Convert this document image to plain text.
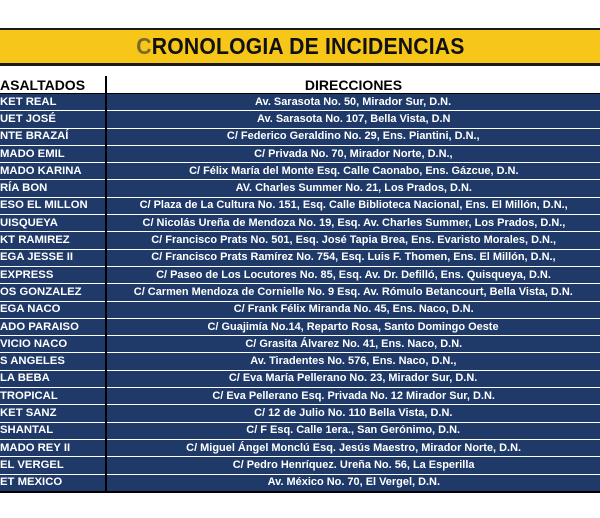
CRONOLOGIA DE INCIDENCIAS
ASALTADOS	DIRECCIONES
KET REAL	Av. Sarasota No. 50, Mirador Sur, D.N.
UET JOSÉ	Av. Sarasota No. 107, Bella Vista, D.N
NTE BRAZAÍ	C/ Federico Geraldino No. 29, Ens. Piantini, D.N.,
MADO EMIL	C/ Privada No. 70, Mirador Norte, D.N.,
MADO KARINA	C/ Félix María del Monte Esq. Calle Caonabo, Ens. Gázcue, D.N.
RÍA BON	AV. Charles Summer No. 21, Los Prados, D.N.
ESO EL MILLON	C/ Plaza de La Cultura No. 151, Esq. Calle Biblioteca Nacional, Ens. El Millón, D.N.,
UISQUEYA	C/ Nicolás Ureña de Mendoza No. 19, Esq. Av. Charles Summer, Los Prados, D.N.,
KT RAMIREZ	C/ Francisco Prats No. 501, Esq. José Tapia Brea, Ens. Evaristo Morales, D.N.,
EGA JESSE II	C/ Francisco Prats Ramírez No. 754, Esq. Luis F. Thomen, Ens. El Millón, D.N.,
EXPRESS	C/ Paseo de Los Locutores No. 85, Esq. Av. Dr. Defilló, Ens. Quisqueya, D.N.
OS GONZALEZ	C/ Carmen Mendoza de Cornielle No. 9 Esq. Av. Rómulo Betancourt, Bella Vista, D.N.
EGA NACO	C/ Frank Félix Miranda No. 45, Ens. Naco, D.N.
ADO PARAISO	C/ Guajimía No.14, Reparto Rosa, Santo Domingo Oeste
VICIO NACO	C/ Grasita Álvarez No. 41, Ens. Naco, D.N.
S ANGELES	Av. Tiradentes No. 576, Ens. Naco, D.N.,
LA BEBA	C/ Eva María Pellerano No. 23, Mirador Sur, D.N.
TROPICAL	C/ Eva Pellerano Esq. Privada No. 12 Mirador Sur, D.N.
KET SANZ	C/ 12 de Julio No. 110 Bella Vista, D.N.
SHANTAL	C/ F Esq. Calle 1era., San Gerónimo, D.N.
MADO REY II	C/ Miguel Ángel Monclú Esq. Jesús Maestro, Mirador Norte, D.N.
EL VERGEL	C/ Pedro Henríquez. Ureña No. 56, La Esperilla
ET MEXICO	Av. México No. 70, El Vergel, D.N.
